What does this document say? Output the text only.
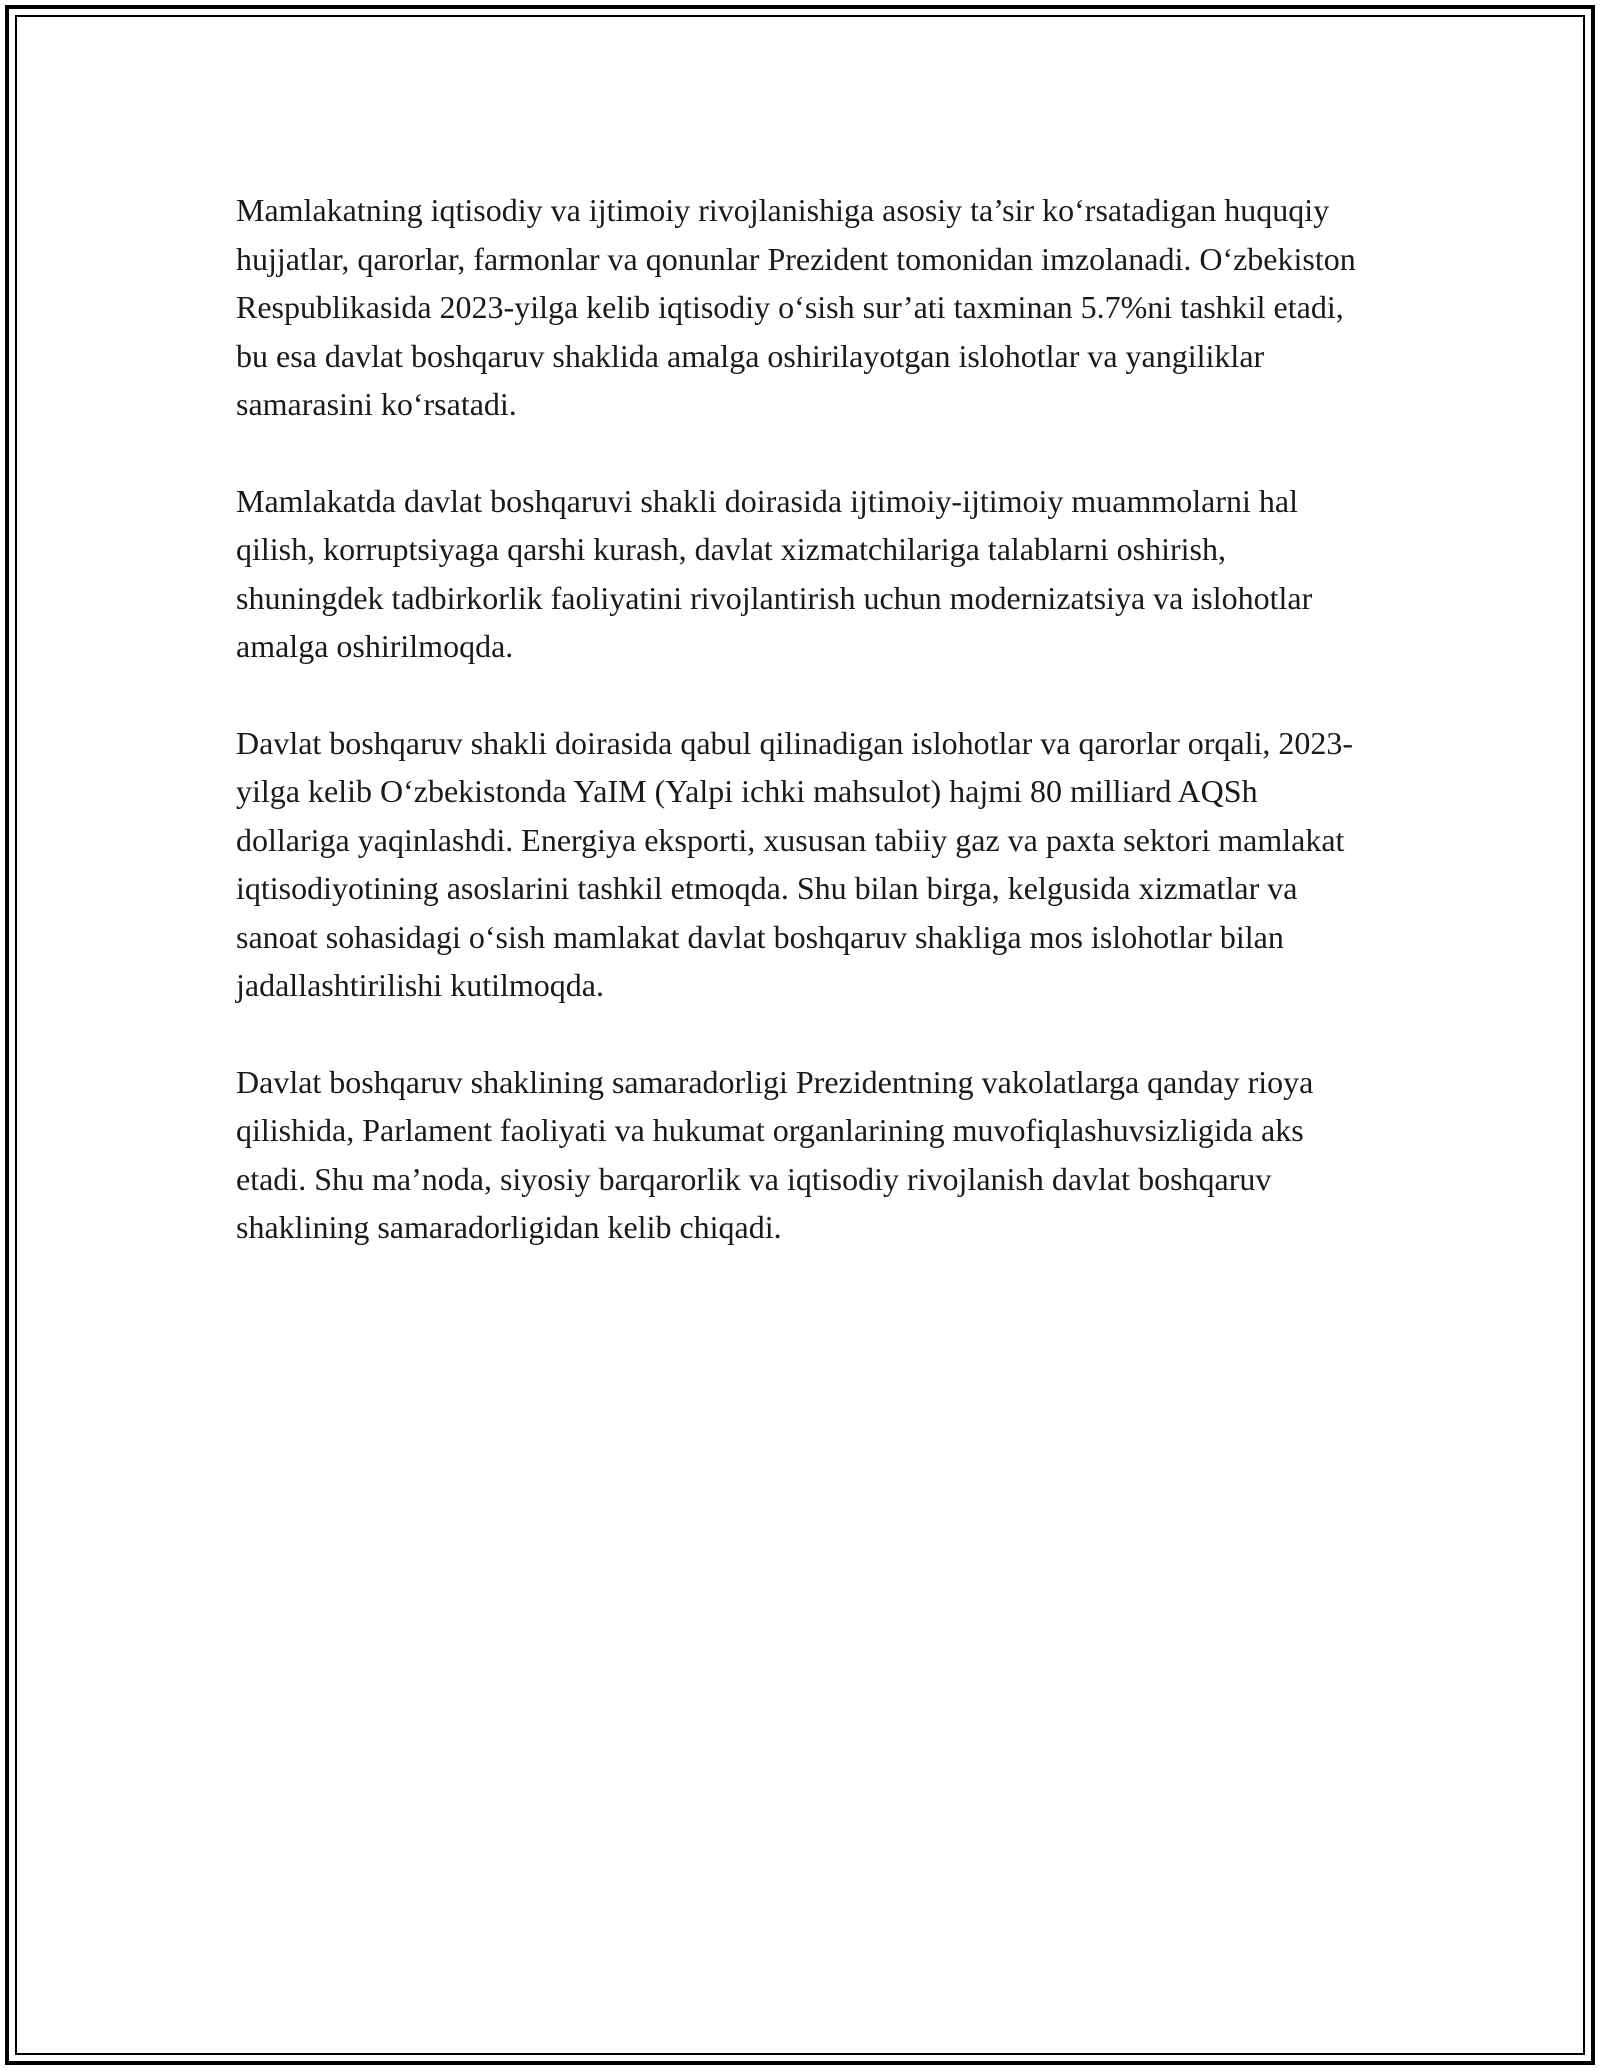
Mamlakatning iqtisodiy va ijtimoiy rivojlanishiga asosiy ta’sir ko‘rsatadigan huquqiy hujjatlar, qarorlar, farmonlar va qonunlar Prezident tomonidan imzolanadi. O‘zbekiston Respublikasida 2023-yilga kelib iqtisodiy o‘sish sur’ati taxminan 5.7%ni tashkil etadi, bu esa davlat boshqaruv shaklida amalga oshirilayotgan islohotlar va yangiliklar samarasini ko‘rsatadi.

Mamlakatda davlat boshqaruvi shakli doirasida ijtimoiy-ijtimoiy muammolarni hal qilish, korruptsiyaga qarshi kurash, davlat xizmatchilariga talablarni oshirish, shuningdek tadbirkorlik faoliyatini rivojlantirish uchun modernizatsiya va islohotlar amalga oshirilmoqda.

Davlat boshqaruv shakli doirasida qabul qilinadigan islohotlar va qarorlar orqali, 2023-yilga kelib O‘zbekistonda YaIM (Yalpi ichki mahsulot) hajmi 80 milliard AQSh dollariga yaqinlashdi. Energiya eksporti, xususan tabiiy gaz va paxta sektori mamlakat iqtisodiyotining asoslarini tashkil etmoqda. Shu bilan birga, kelgusida xizmatlar va sanoat sohasidagi o‘sish mamlakat davlat boshqaruv shakliga mos islohotlar bilan jadallashtirilishi kutilmoqda.

Davlat boshqaruv shaklining samaradorligi Prezidentning vakolatlarga qanday rioya qilishida, Parlament faoliyati va hukumat organlarining muvofiqlashuvsizligida aks etadi. Shu ma’noda, siyosiy barqarorlik va iqtisodiy rivojlanish davlat boshqaruv shaklining samaradorligidan kelib chiqadi.
